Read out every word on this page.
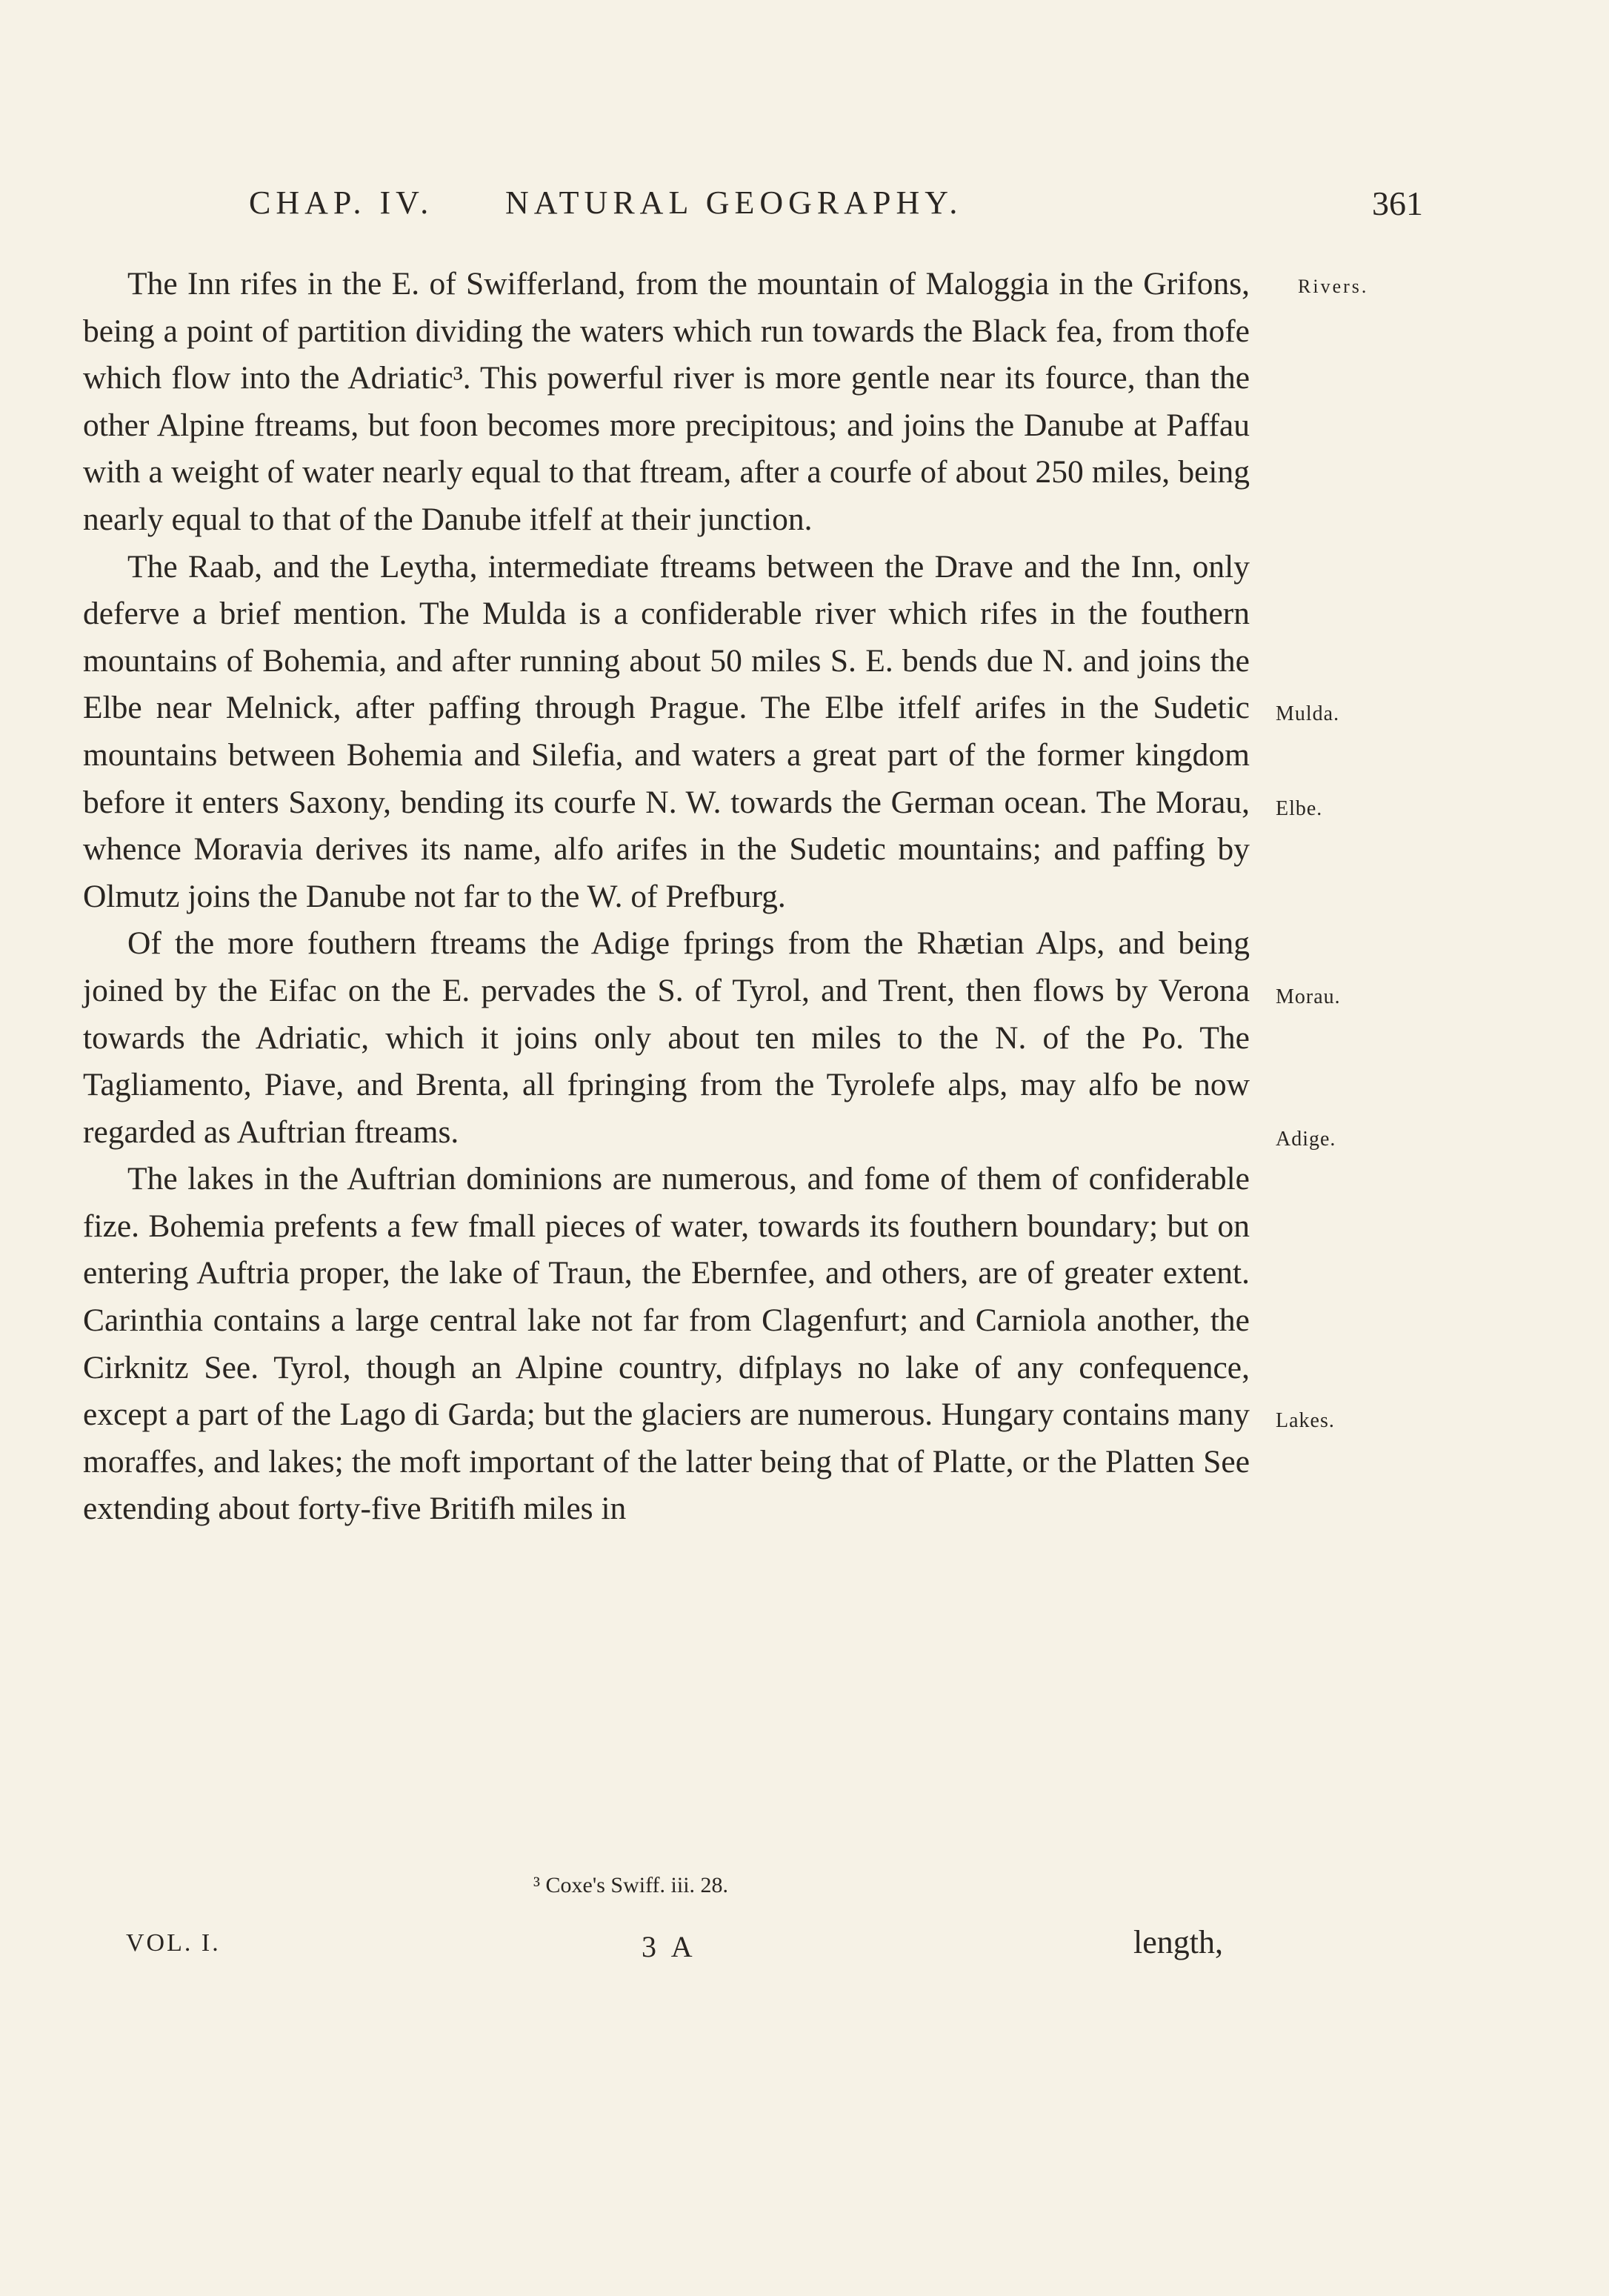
CHAP. IV. NATURAL GEOGRAPHY.	361

The Inn rifes in the E. of Swifferland, from the mountain of Maloggia in the Grifons, being a point of partition dividing the waters which run towards the Black fea, from thofe which flow into the Adriatic³. This powerful river is more gentle near its fource, than the other Alpine ftreams, but foon becomes more precipitous; and joins the Danube at Paffau with a weight of water nearly equal to that ftream, after a courfe of about 250 miles, being nearly equal to that of the Danube itfelf at their junction.

The Raab, and the Leytha, intermediate ftreams between the Drave and the Inn, only deferve a brief mention. The Mulda is a confiderable river which rifes in the fouthern mountains of Bohemia, and after running about 50 miles S. E. bends due N. and joins the Elbe near Melnick, after paffing through Prague. The Elbe itfelf arifes in the Sudetic mountains between Bohemia and Silefia, and waters a great part of the former kingdom before it enters Saxony, bending its courfe N. W. towards the German ocean. The Morau, whence Moravia derives its name, alfo arifes in the Sudetic mountains; and paffing by Olmutz joins the Danube not far to the W. of Prefburg.

Of the more fouthern ftreams the Adige fprings from the Rhætian Alps, and being joined by the Eifac on the E. pervades the S. of Tyrol, and Trent, then flows by Verona towards the Adriatic, which it joins only about ten miles to the N. of the Po. The Tagliamento, Piave, and Brenta, all fpringing from the Tyrolefe alps, may alfo be now regarded as Auftrian ftreams.

The lakes in the Auftrian dominions are numerous, and fome of them of confiderable fize. Bohemia prefents a few fmall pieces of water, towards its fouthern boundary; but on entering Auftria proper, the lake of Traun, the Ebernfee, and others, are of greater extent. Carinthia contains a large central lake not far from Clagenfurt; and Carniola another, the Cirknitz See. Tyrol, though an Alpine country, difplays no lake of any confequence, except a part of the Lago di Garda; but the glaciers are numerous. Hungary contains many moraffes, and lakes; the moft important of the latter being that of Platte, or the Platten See extending about forty-five Britifh miles in

Rivers.
Mulda.
Elbe.
Morau.
Adige.
Lakes.
³ Coxe's Swiff. iii. 28.
VOL. I.	3 A	length,
